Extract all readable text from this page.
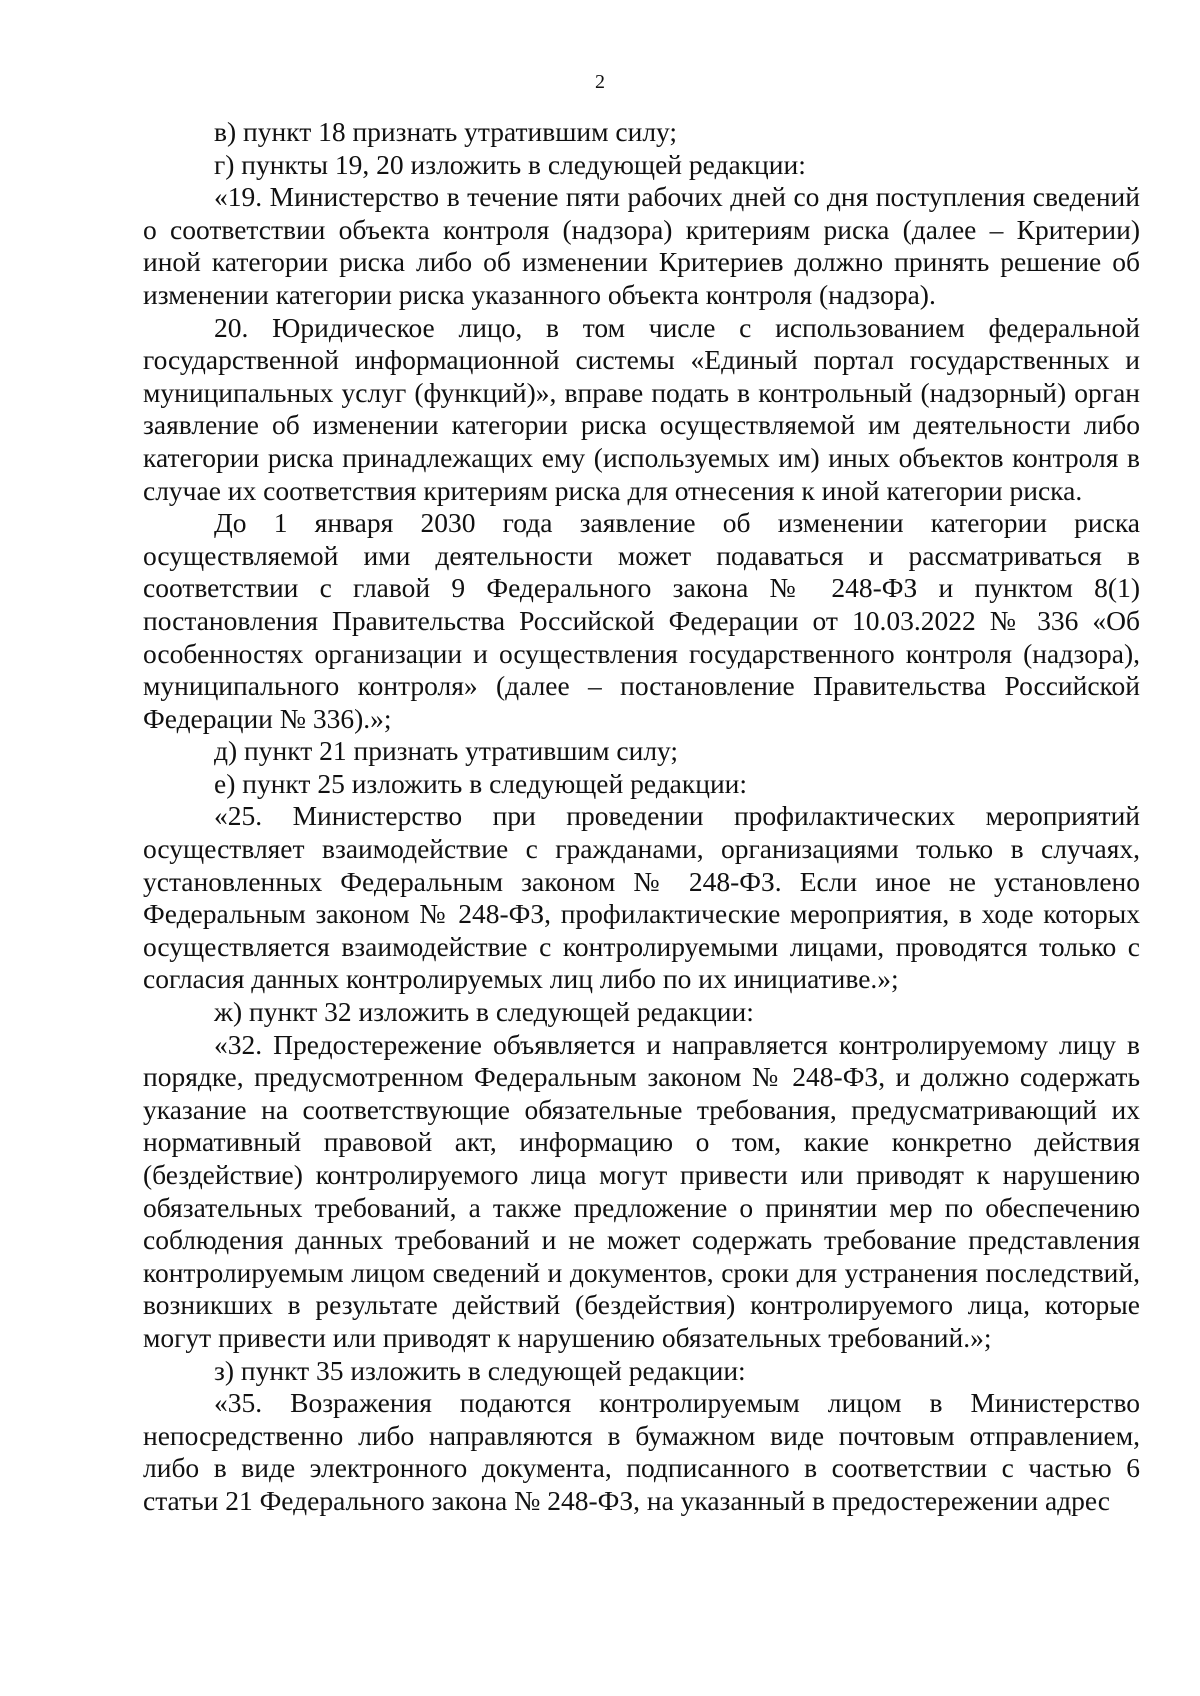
2

в) пункт 18 признать утратившим силу;

г) пункты 19, 20 изложить в следующей редакции:

«19. Министерство в течение пяти рабочих дней со дня поступления сведений о соответствии объекта контроля (надзора) критериям риска (далее – Критерии) иной категории риска либо об изменении Критериев должно принять решение об изменении категории риска указанного объекта контроля (надзора).

20. Юридическое лицо, в том числе с использованием федеральной государственной информационной системы «Единый портал государственных и муниципальных услуг (функций)», вправе подать в контрольный (надзорный) орган заявление об изменении категории риска осуществляемой им деятельности либо категории риска принадлежащих ему (используемых им) иных объектов контроля в случае их соответствия критериям риска для отнесения к иной категории риска.

До 1 января 2030 года заявление об изменении категории риска осуществляемой ими деятельности может подаваться и рассматриваться в соответствии с главой 9 Федерального закона № 248-ФЗ и пунктом 8(1) постановления Правительства Российской Федерации от 10.03.2022 № 336 «Об особенностях организации и осуществления государственного контроля (надзора), муниципального контроля» (далее – постановление Правительства Российской Федерации № 336).»;

д) пункт 21 признать утратившим силу;

е) пункт 25 изложить в следующей редакции:

«25. Министерство при проведении профилактических мероприятий осуществляет взаимодействие с гражданами, организациями только в случаях, установленных Федеральным законом № 248-ФЗ. Если иное не установлено Федеральным законом № 248-ФЗ, профилактические мероприятия, в ходе которых осуществляется взаимодействие с контролируемыми лицами, проводятся только с согласия данных контролируемых лиц либо по их инициативе.»;

ж) пункт 32 изложить в следующей редакции:

«32. Предостережение объявляется и направляется контролируемому лицу в порядке, предусмотренном Федеральным законом № 248-ФЗ, и должно содержать указание на соответствующие обязательные требования, предусматривающий их нормативный правовой акт, информацию о том, какие конкретно действия (бездействие) контролируемого лица могут привести или приводят к нарушению обязательных требований, а также предложение о принятии мер по обеспечению соблюдения данных требований и не может содержать требование представления контролируемым лицом сведений и документов, сроки для устранения последствий, возникших в результате действий (бездействия) контролируемого лица, которые могут привести или приводят к нарушению обязательных требований.»;

з) пункт 35 изложить в следующей редакции:

«35. Возражения подаются контролируемым лицом в Министерство непосредственно либо направляются в бумажном виде почтовым отправлением, либо в виде электронного документа, подписанного в соответствии с частью 6 статьи 21 Федерального закона № 248-ФЗ, на указанный в предостережении адрес
